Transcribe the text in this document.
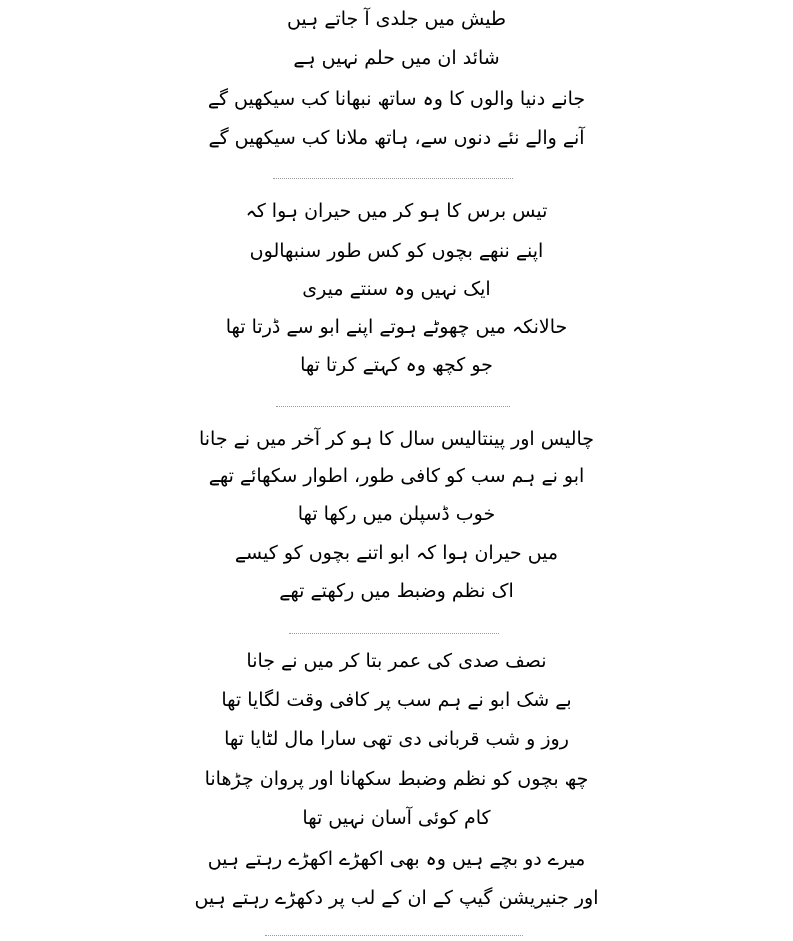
طیش میں جلدی آ جاتے ہیں
شائد ان میں حلم نہیں ہے
جانے دنیا والوں کا وہ ساتھ نبھانا کب سیکھیں گے
آنے والے نئے دنوں سے، ہاتھ ملانا کب سیکھیں گے
تیس برس کا ہو کر میں حیران ہوا کہ
اپنے ننھے بچوں کو کس طور سنبھالوں
ایک نہیں وہ سنتے میری
حالانکہ میں چھوٹے ہوتے اپنے ابو سے ڈرتا تھا
جو کچھ وہ کہتے کرتا تھا
چالیس اور پینتالیس سال کا ہو کر آخر میں نے جانا
ابو نے ہم سب کو کافی طور، اطوار سکھائے تھے
خوب ڈسپلن میں رکھا تھا
میں حیران ہوا کہ ابو اتنے بچوں کو کیسے
اک نظم وضبط میں رکھتے تھے
نصف صدی کی عمر بتا کر میں نے جانا
بے شک ابو نے ہم سب پر کافی وقت لگایا تھا
روز و شب قربانی دی تھی سارا مال لٹایا تھا
چھ بچوں کو نظم وضبط سکھانا اور پروان چڑھانا
کام کوئی آسان نہیں تھا
میرے دو بچے ہیں وہ بھی اکھڑے اکھڑے رہتے ہیں
اور جنیریشن گیپ کے ان کے لب پر دکھڑے رہتے ہیں
